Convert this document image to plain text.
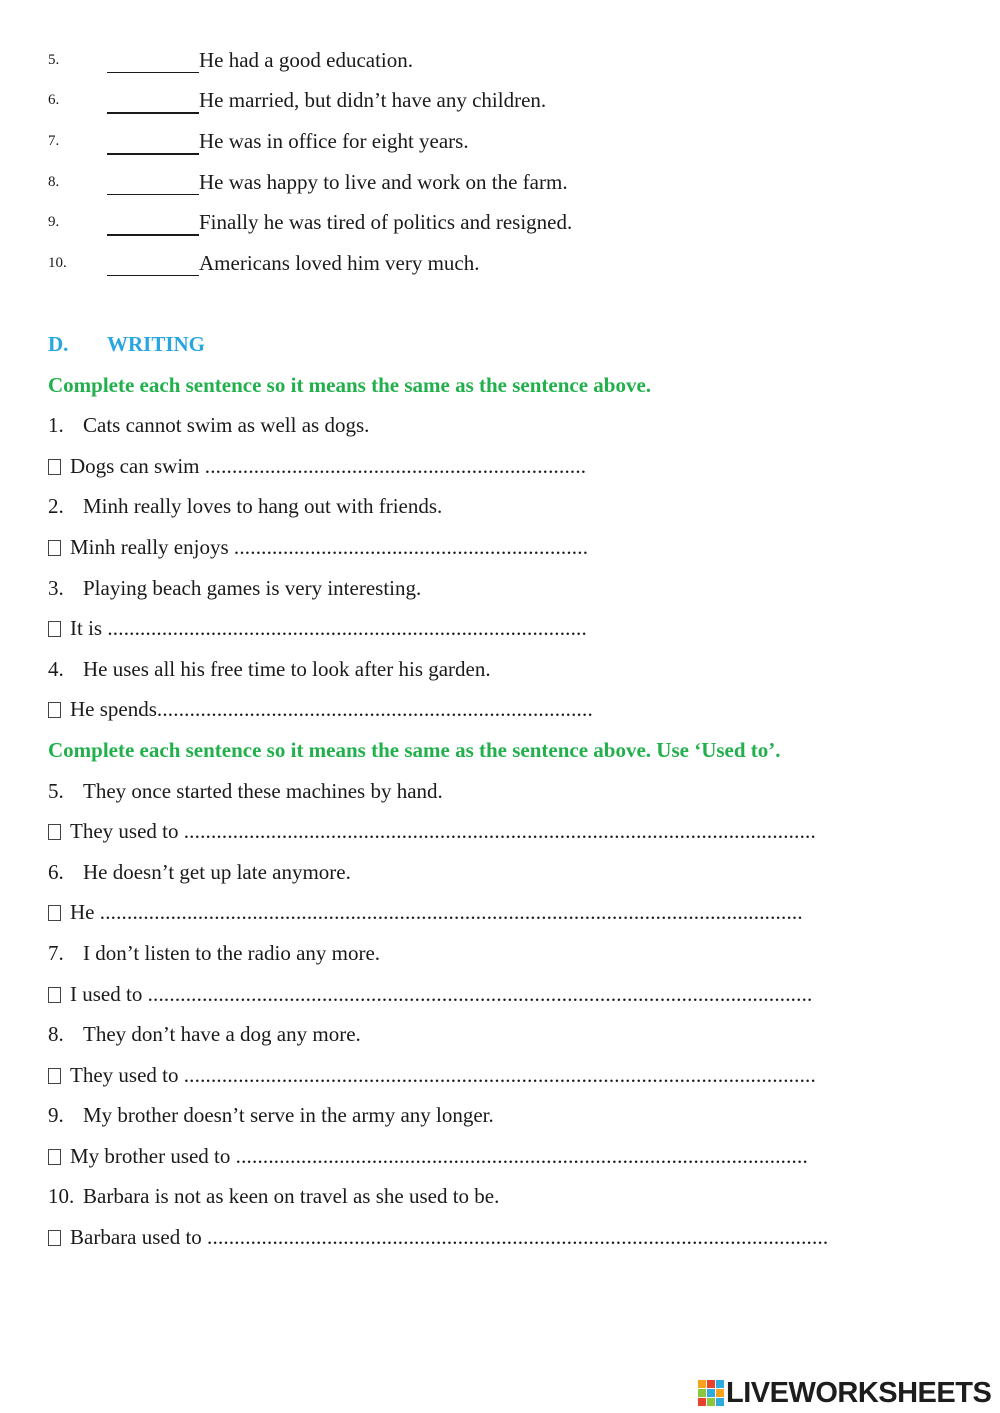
5.	He had a good education.
6.	He married, but didn’t have any children.
7.	He was in office for eight years.
8.	He was happy to live and work on the farm.
9.	Finally he was tired of politics and resigned.
10.	Americans loved him very much.
D. WRITING
Complete each sentence so it means the same as the sentence above.
1. Cats cannot swim as well as dogs.
Dogs can swim ......................................................................
2. Minh really loves to hang out with friends.
Minh really enjoys .................................................................
3. Playing beach games is very interesting.
It is ........................................................................................
4. He uses all his free time to look after his garden.
He spends................................................................................
Complete each sentence so it means the same as the sentence above. Use ‘Used to’.
5. They once started these machines by hand.
They used to ....................................................................................................................
6. He doesn’t get up late anymore.
He .................................................................................................................................
7. I don’t listen to the radio any more.
I used to ..........................................................................................................................
8. They don’t have a dog any more.
They used to ....................................................................................................................
9. My brother doesn’t serve in the army any longer.
My brother used to .........................................................................................................
10. Barbara is not as keen on travel as she used to be.
Barbara used to ..................................................................................................................
LIVEWORKSHEETS
